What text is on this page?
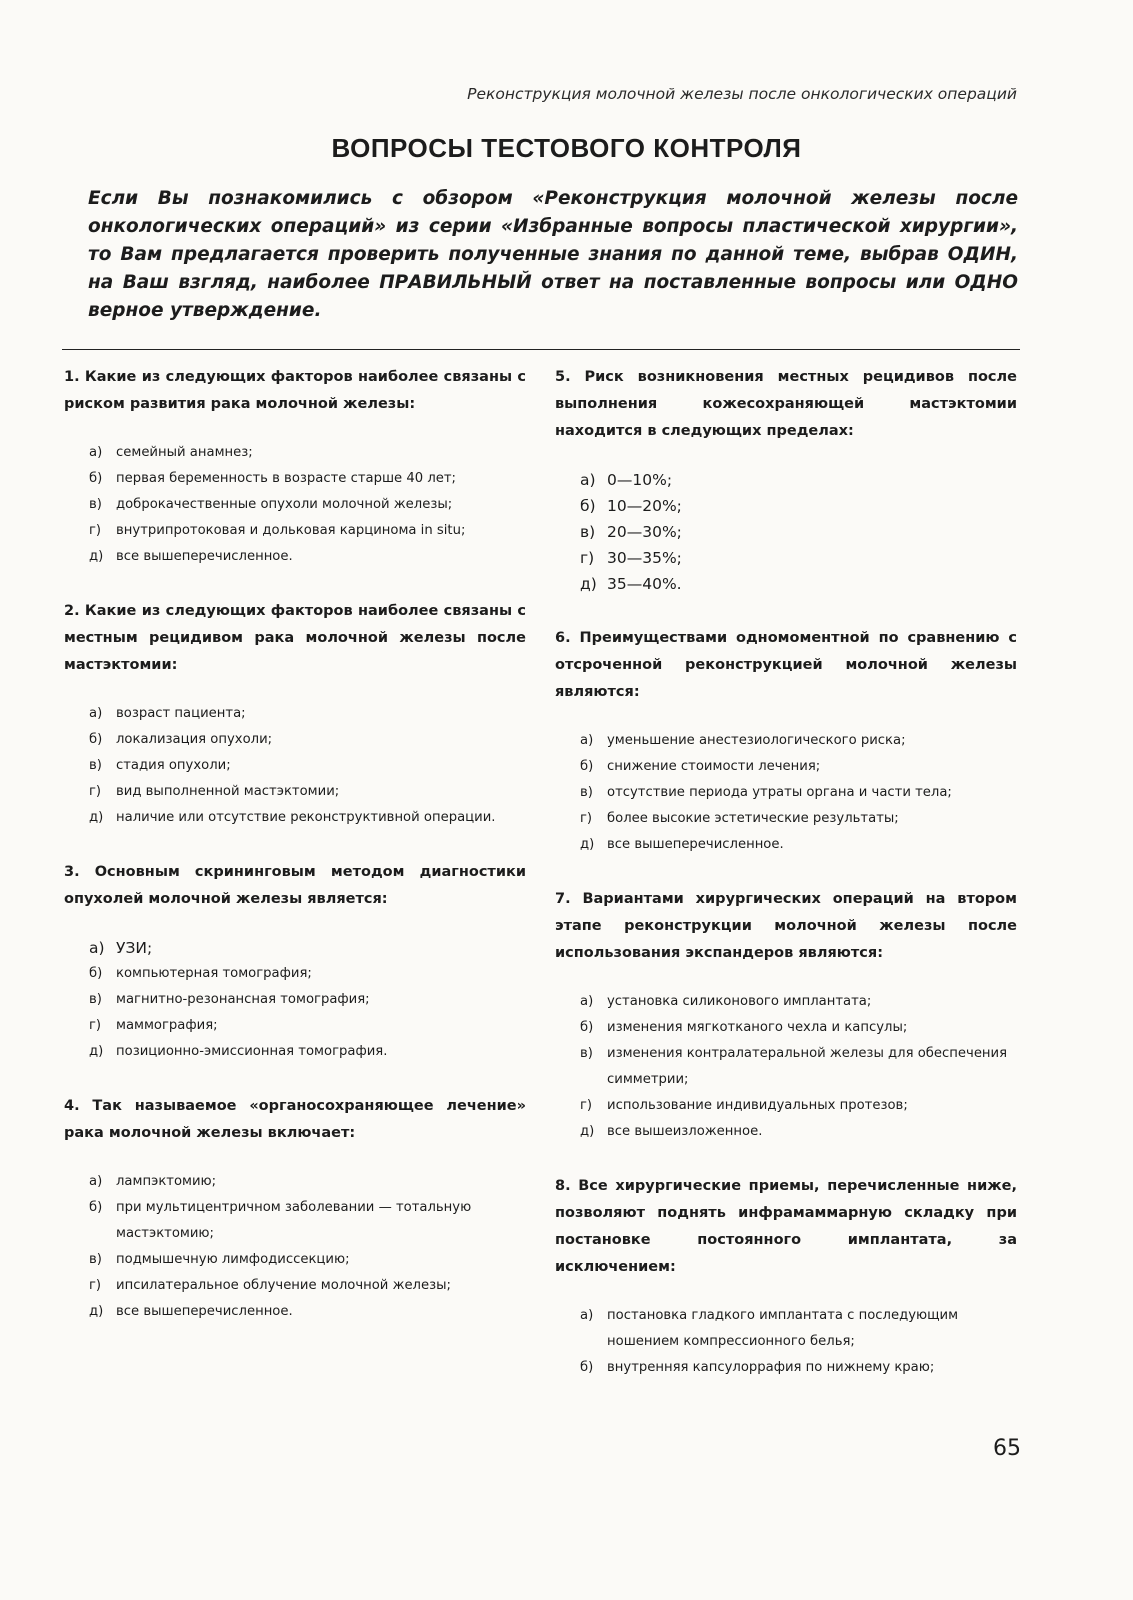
Реконструкция молочной железы после онкологических операций
ВОПРОСЫ ТЕСТОВОГО КОНТРОЛЯ

Если Вы познакомились с обзором «Реконструкция молочной железы после онкологических операций» из серии «Избранные вопросы пластической хирургии», то Вам предлагается проверить полученные знания по данной теме, выбрав ОДИН, на Ваш взгляд, наиболее ПРАВИЛЬНЫЙ ответ на поставленные вопросы или ОДНО верное утверждение.

1. Какие из следующих факторов наиболее связаны с риском развития рака молочной железы:

а) семейный анамнез;
б) первая беременность в возрасте старше 40 лет;
в) доброкачественные опухоли молочной железы;
г) внутрипротоковая и дольковая карцинома in situ;
д) все вышеперечисленное.

2. Какие из следующих факторов наиболее связаны с местным рецидивом рака молочной железы после мастэктомии:

а) возраст пациента;
б) локализация опухоли;
в) стадия опухоли;
г) вид выполненной мастэктомии;
д) наличие или отсутствие реконструктивной операции.

3. Основным скрининговым методом диагностики опухолей молочной железы является:

а) УЗИ;
б) компьютерная томография;
в) магнитно-резонансная томография;
г) маммография;
д) позиционно-эмиссионная томография.

4. Так называемое «органосохраняющее лечение» рака молочной железы включает:

а) лампэктомию;
б) при мультицентричном заболевании — тотальную мастэктомию;
в) подмышечную лимфодиссекцию;
г) ипсилатеральное облучение молочной железы;
д) все вышеперечисленное.

5. Риск возникновения местных рецидивов после выполнения кожесохраняющей мастэктомии находится в следующих пределах:

а) 0—10%;
б) 10—20%;
в) 20—30%;
г) 30—35%;
д) 35—40%.

6. Преимуществами одномоментной по сравнению с отсроченной реконструкцией молочной железы являются:

а) уменьшение анестезиологического риска;
б) снижение стоимости лечения;
в) отсутствие периода утраты органа и части тела;
г) более высокие эстетические результаты;
д) все вышеперечисленное.

7. Вариантами хирургических операций на втором этапе реконструкции молочной железы после использования экспандеров являются:

а) установка силиконового имплантата;
б) изменения мягкотканого чехла и капсулы;
в) изменения контралатеральной железы для обеспечения симметрии;
г) использование индивидуальных протезов;
д) все вышеизложенное.

8. Все хирургические приемы, перечисленные ниже, позволяют поднять инфрамаммарную складку при постановке постоянного имплантата, за исключением:

а) постановка гладкого имплантата с последующим ношением компрессионного белья;
б) внутренняя капсулоррафия по нижнему краю;
65
